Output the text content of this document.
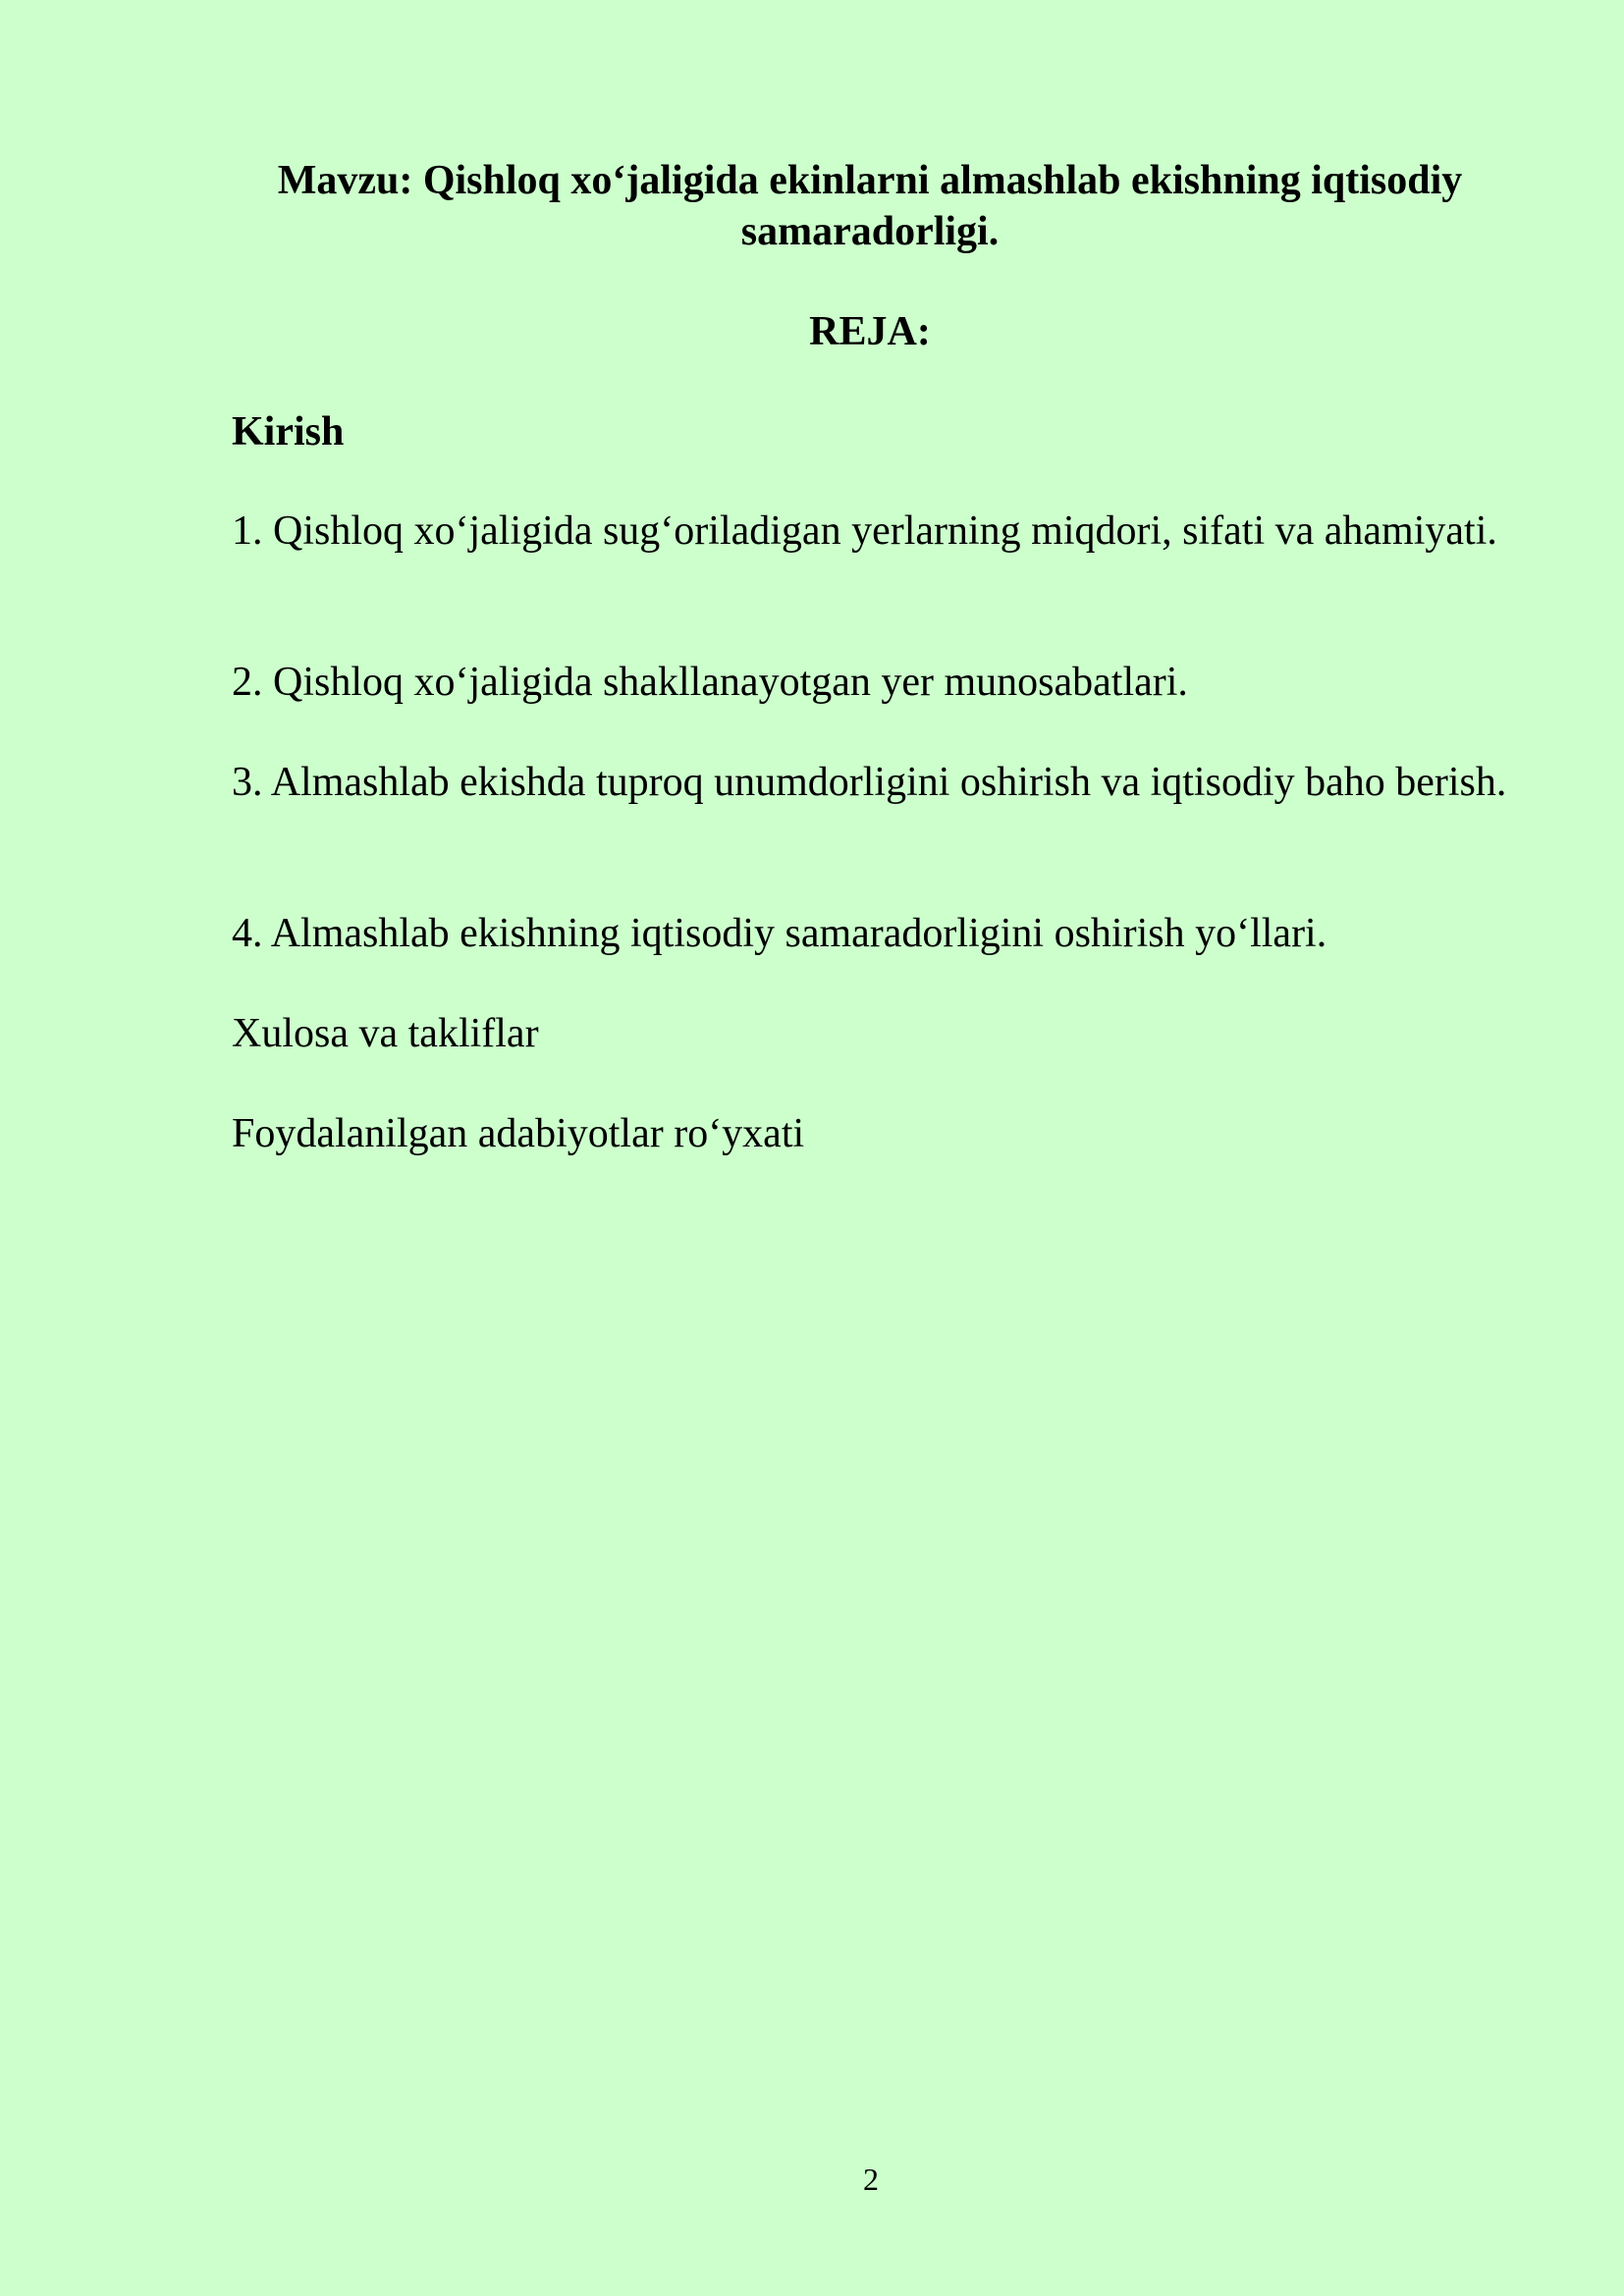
Mavzu: Qishloq xo‘jaligida ekinlarni almashlab ekishning iqtisodiy samaradorligi.

REJA:

Kirish

1. Qishloq xo‘jaligida sug‘oriladigan yerlarning miqdori, sifati va ahamiyati.

2. Qishloq xo‘jaligida shakllanayotgan yer munosabatlari.

3. Almashlab ekishda tuproq unumdorligini oshirish va iqtisodiy baho berish.

4. Almashlab ekishning iqtisodiy samaradorligini oshirish yo‘llari.

Xulosa va takliflar

Foydalanilgan adabiyotlar ro‘yxati

2
